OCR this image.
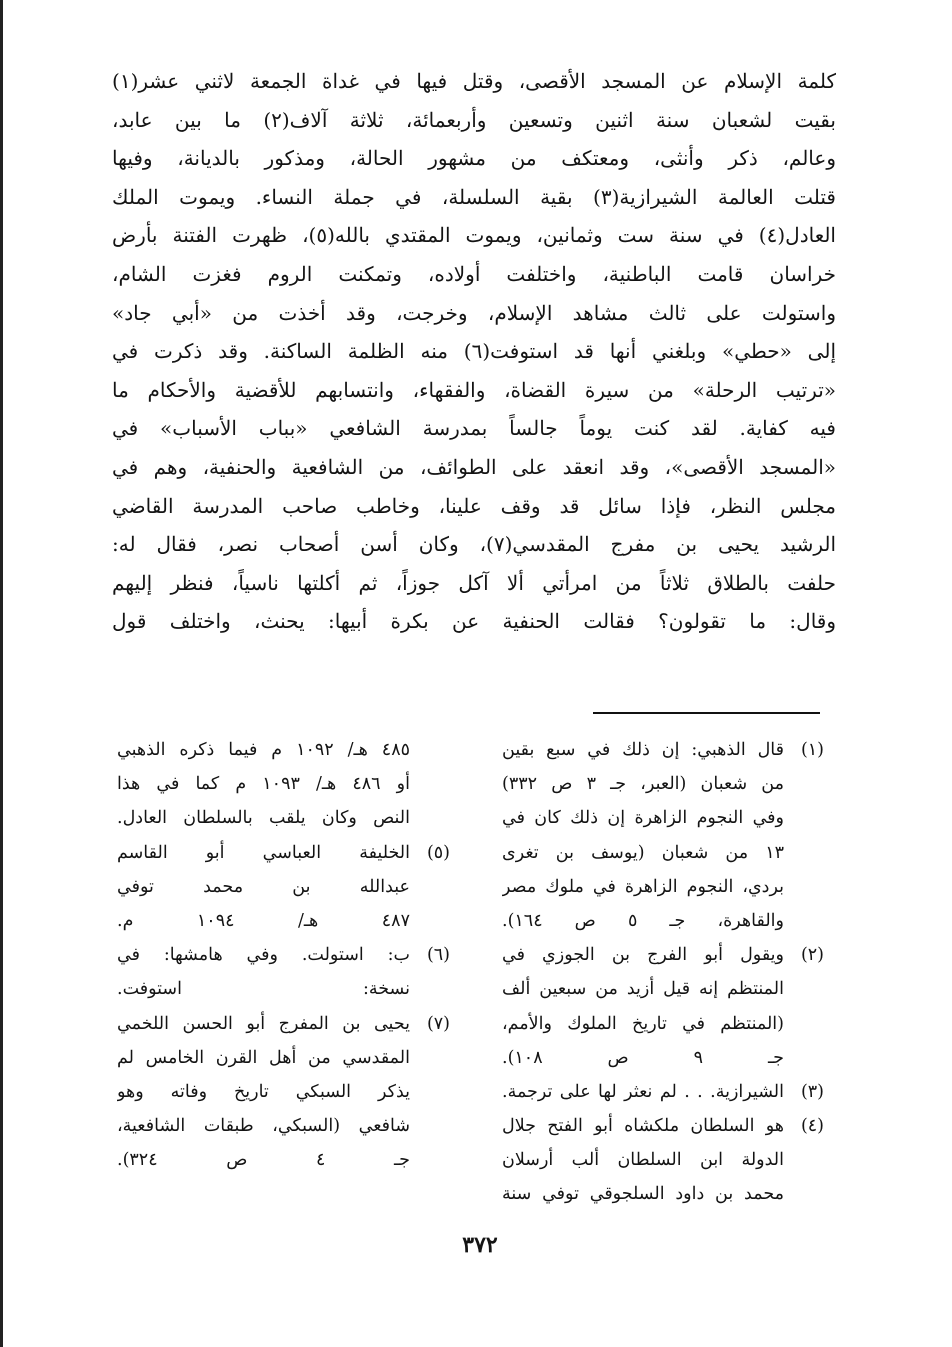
كلمة الإسلام عن المسجد الأقصى، وقتل فيها في غداة الجمعة لاثني عشر(١)
بقيت لشعبان سنة اثنين وتسعين وأربعمائة، ثلاثة آلاف(٢) ما بين عابد،
وعالم، ذكر وأنثى، ومعتكف من مشهور الحالة، ومذكور بالديانة، وفيها
قتلت العالمة الشيرازية(٣) بقية السلسلة، في جملة النساء. ويموت الملك
العادل(٤) في سنة ست وثمانين، ويموت المقتدي بالله(٥)، ظهرت الفتنة بأرض
خراسان قامت الباطنية، واختلفت أولاده، وتمكنت الروم فغزت الشام،
واستولت على ثالث مشاهد الإسلام، وخرجت، وقد أخذت من «أبي جاد»
إلى «حطي» وبلغني أنها قد استوفت(٦) منه الظلمة الساكنة. وقد ذكرت في
«ترتيب الرحلة» من سيرة القضاة، والفقهاء، وانتسابهم للأقضية والأحكام ما
فيه كفاية. لقد كنت يوماً جالساً بمدرسة الشافعي «بباب الأسباب» في
«المسجد الأقصى»، وقد انعقد على الطوائف، من الشافعية والحنفية، وهم في
مجلس النظر، فإذا سائل قد وقف علينا، وخاطب صاحب المدرسة القاضي
الرشيد يحيى بن مفرج المقدسي(٧)، وكان أسن أصحاب نصر، فقال له:
حلفت بالطلاق ثلاثاً من امرأتي ألا آكل جوزاً، ثم أكلتها ناسياً، فنظر إليهم
وقال: ما تقولون؟ فقالت الحنفية عن بكرة أبيها: يحنث، واختلف قول
(١)
قال الذهبي: إن ذلك في سبع بقين
من شعبان (العبر، جـ ٣ ص ٣٣٢)
وفي النجوم الزاهرة إن ذلك كان في
١٣ من شعبان (يوسف بن تغرى
بردي، النجوم الزاهرة في ملوك مصر
والقاهرة، جـ ٥ ص ١٦٤).
(٢)
ويقول أبو الفرج بن الجوزي في
المنتظم إنه قيل أزيد من سبعين ألف
(المنتظم في تاريخ الملوك والأمم،
جـ ٩ ص ١٠٨).
(٣)
الشيرازية. . . لم نعثر لها على ترجمة.
(٤)
هو السلطان ملكشاه أبو الفتح جلال
الدولة ابن السلطان ألب أرسلان
محمد بن داود السلجوقي توفي سنة
٤٨٥ هـ/ ١٠٩٢ م فيما ذكره الذهبي
أو ٤٨٦ هـ/ ١٠٩٣ م كما في هذا
النص وكان يلقب بالسلطان العادل.
(٥)
الخليفة العباسي أبو القاسم
عبدالله بن محمد توفي
٤٨٧ هـ/ ١٠٩٤ م.
(٦)
ب: استولت. وفي هامشها: في
نسخة: استوفت.
(٧)
يحيى بن المفرج أبو الحسن اللخمي
المقدسي من أهل القرن الخامس لم
يذكر السبكي تاريخ وفاته وهو
شافعي (السبكي، طبقات الشافعية،
جـ ٤ ص ٣٢٤).
٣٧٢
